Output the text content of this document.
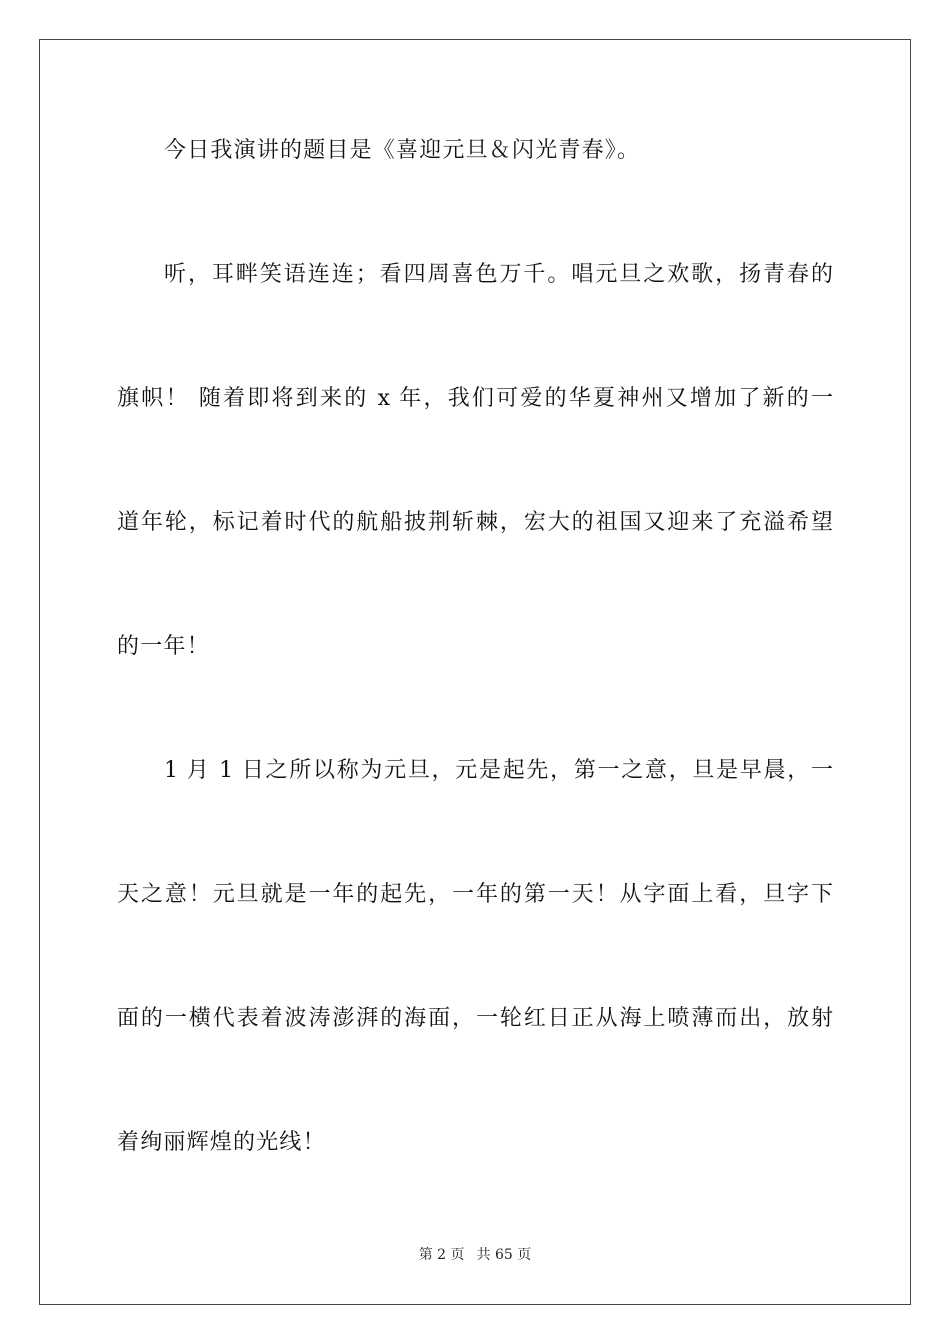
今日我演讲的题目是《喜迎元旦＆闪光青春》。
听，耳畔笑语连连；看四周喜色万千。唱元旦之欢歌，扬青春的
旗帜！ 随着即将到来的 x 年，我们可爱的华夏神州又增加了新的一
道年轮，标记着时代的航船披荆斩棘，宏大的祖国又迎来了充溢希望
的一年！
1 月 1 日之所以称为元旦，元是起先，第一之意，旦是早晨，一
天之意！元旦就是一年的起先，一年的第一天！从字面上看，旦字下
面的一横代表着波涛澎湃的海面，一轮红日正从海上喷薄而出，放射
着绚丽辉煌的光线！
第 2 页 共 65 页
